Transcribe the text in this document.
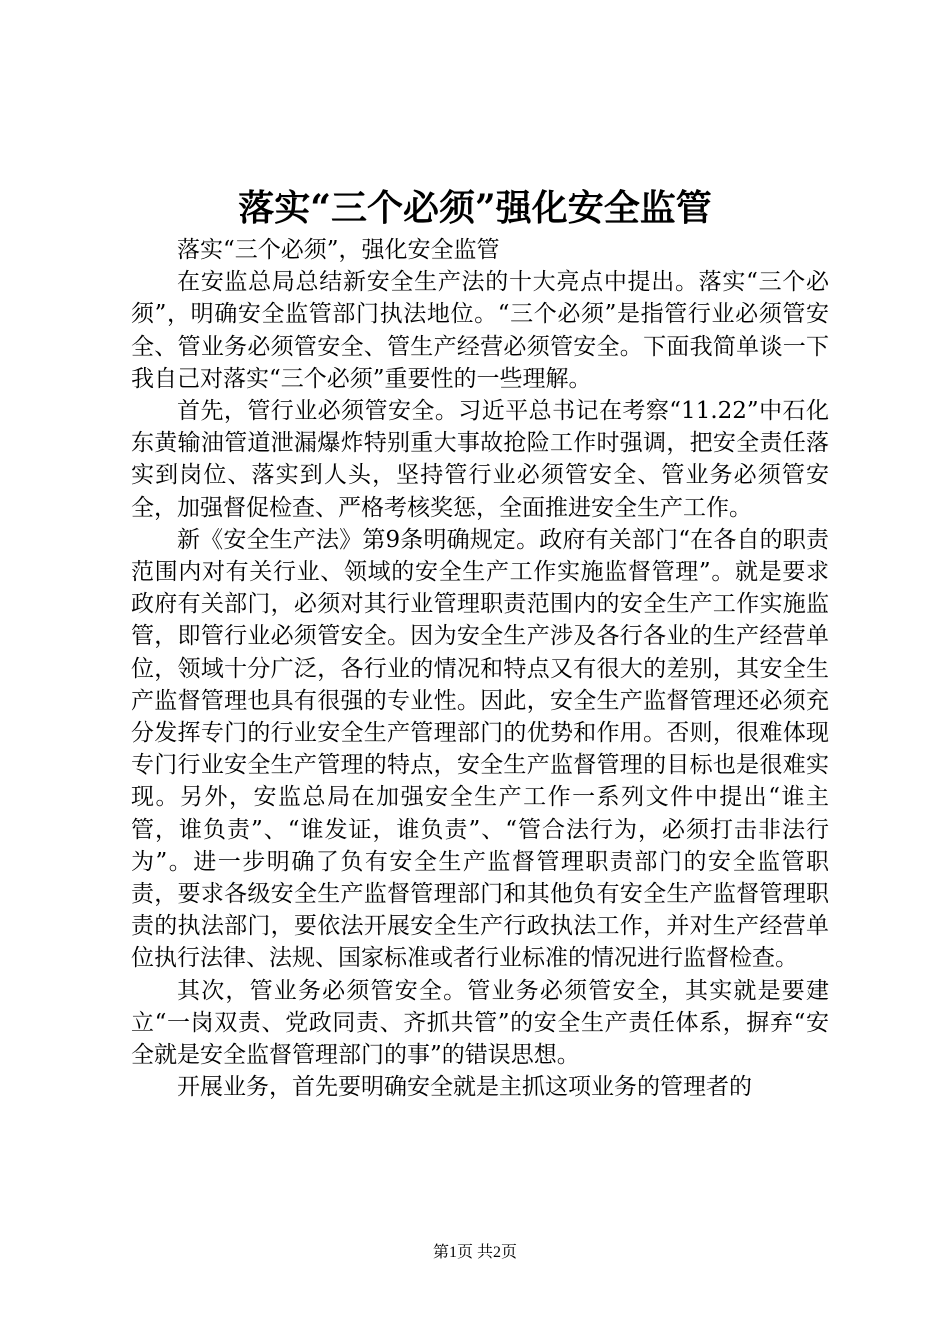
落实“三个必须”强化安全监管

落实“三个必须”，强化安全监管

在安监总局总结新安全生产法的十大亮点中提出。落实“三个必须”，明确安全监管部门执法地位。“三个必须”是指管行业必须管安全、管业务必须管安全、管生产经营必须管安全。下面我简单谈一下我自己对落实“三个必须”重要性的一些理解。

首先，管行业必须管安全。习近平总书记在考察“11.22”中石化东黄输油管道泄漏爆炸特别重大事故抢险工作时强调，把安全责任落实到岗位、落实到人头，坚持管行业必须管安全、管业务必须管安全，加强督促检查、严格考核奖惩，全面推进安全生产工作。

新《安全生产法》第9条明确规定。政府有关部门“在各自的职责范围内对有关行业、领域的安全生产工作实施监督管理”。就是要求政府有关部门，必须对其行业管理职责范围内的安全生产工作实施监管，即管行业必须管安全。因为安全生产涉及各行各业的生产经营单位，领域十分广泛，各行业的情况和特点又有很大的差别，其安全生产监督管理也具有很强的专业性。因此，安全生产监督管理还必须充分发挥专门的行业安全生产管理部门的优势和作用。否则，很难体现专门行业安全生产管理的特点，安全生产监督管理的目标也是很难实现。另外，安监总局在加强安全生产工作一系列文件中提出“谁主管，谁负责”、“谁发证，谁负责”、“管合法行为，必须打击非法行为”。进一步明确了负有安全生产监督管理职责部门的安全监管职责，要求各级安全生产监督管理部门和其他负有安全生产监督管理职责的执法部门，要依法开展安全生产行政执法工作，并对生产经营单位执行法律、法规、国家标准或者行业标准的情况进行监督检查。

其次，管业务必须管安全。管业务必须管安全，其实就是要建立“一岗双责、党政同责、齐抓共管”的安全生产责任体系，摒弃“安全就是安全监督管理部门的事”的错误思想。

开展业务，首先要明确安全就是主抓这项业务的管理者的

第1页 共2页
